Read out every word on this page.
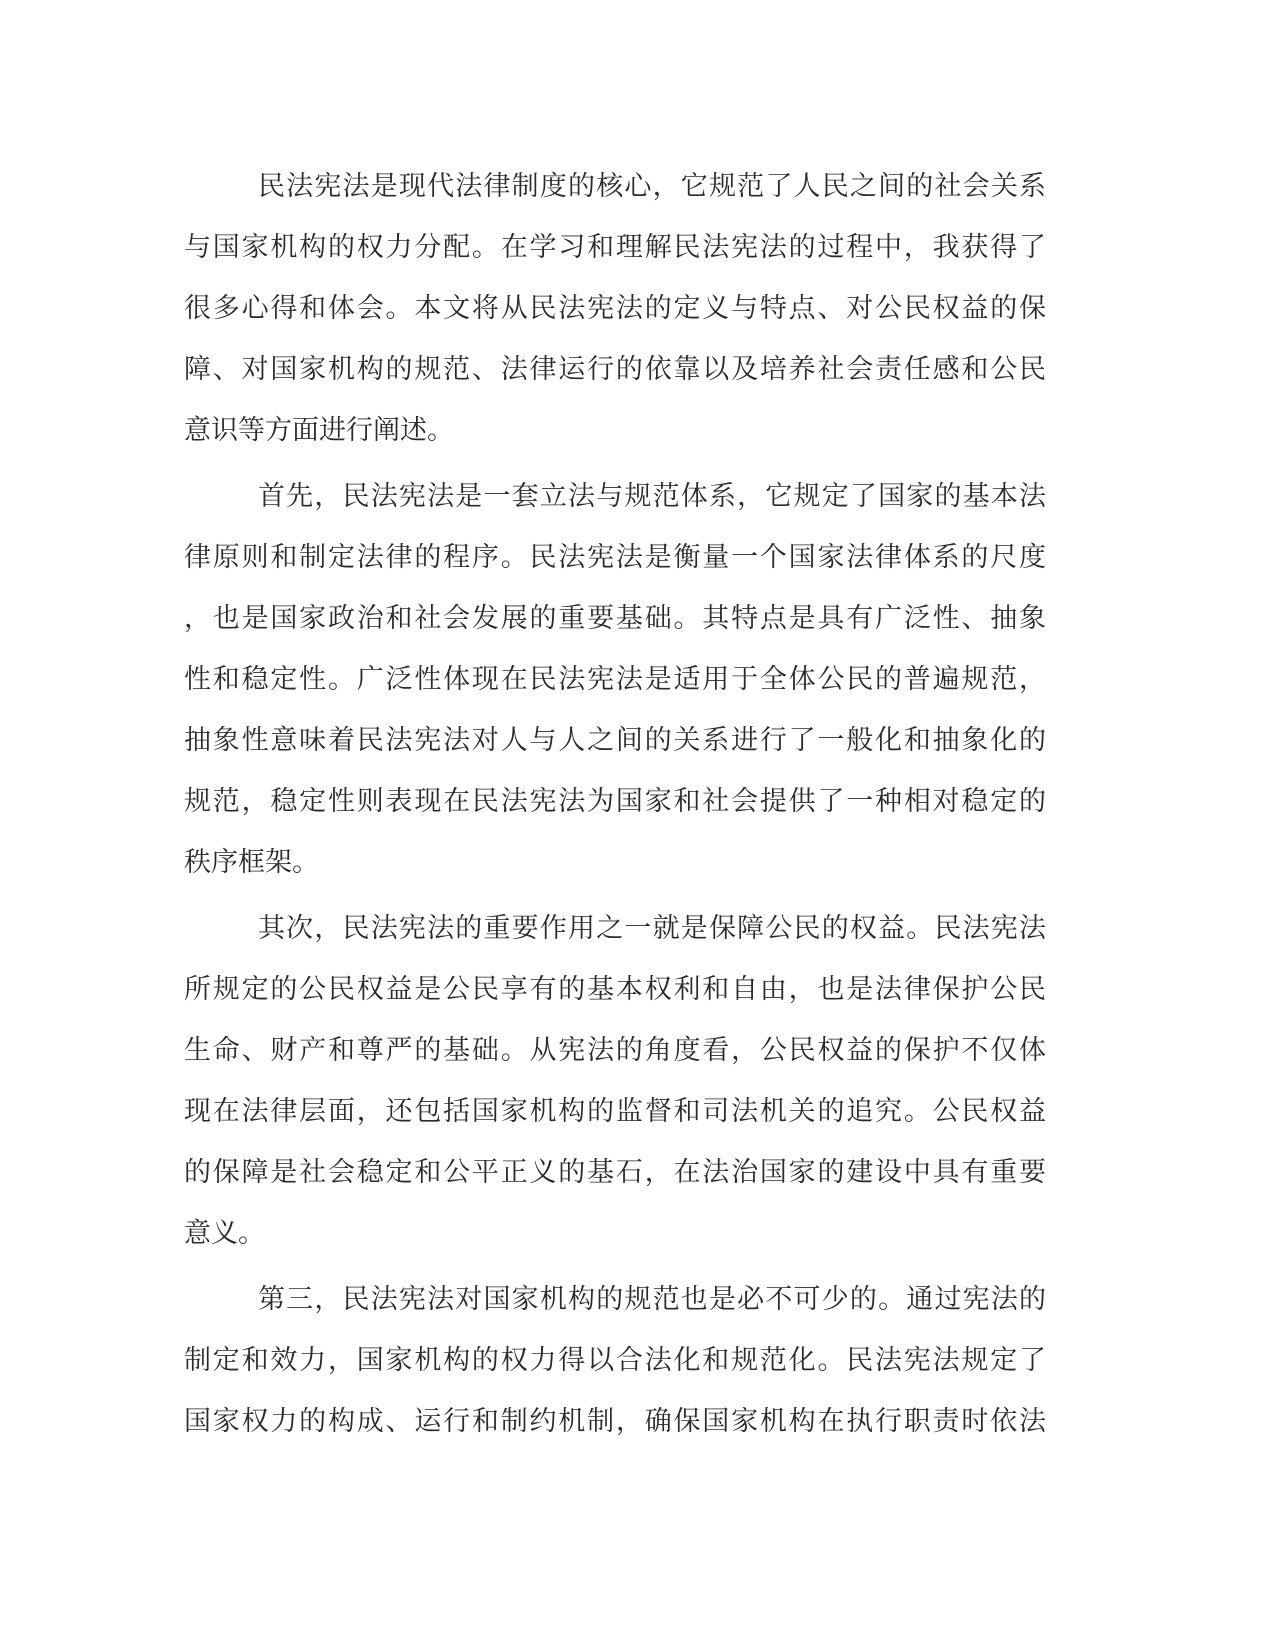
民法宪法是现代法律制度的核心，它规范了人民之间的社会关系
与国家机构的权力分配。在学习和理解民法宪法的过程中，我获得了
很多心得和体会。本文将从民法宪法的定义与特点、对公民权益的保
障、对国家机构的规范、法律运行的依靠以及培养社会责任感和公民
意识等方面进行阐述。
首先，民法宪法是一套立法与规范体系，它规定了国家的基本法
律原则和制定法律的程序。民法宪法是衡量一个国家法律体系的尺度
，也是国家政治和社会发展的重要基础。其特点是具有广泛性、抽象
性和稳定性。广泛性体现在民法宪法是适用于全体公民的普遍规范，
抽象性意味着民法宪法对人与人之间的关系进行了一般化和抽象化的
规范，稳定性则表现在民法宪法为国家和社会提供了一种相对稳定的
秩序框架。
其次，民法宪法的重要作用之一就是保障公民的权益。民法宪法
所规定的公民权益是公民享有的基本权利和自由，也是法律保护公民
生命、财产和尊严的基础。从宪法的角度看，公民权益的保护不仅体
现在法律层面，还包括国家机构的监督和司法机关的追究。公民权益
的保障是社会稳定和公平正义的基石，在法治国家的建设中具有重要
意义。
第三，民法宪法对国家机构的规范也是必不可少的。通过宪法的
制定和效力，国家机构的权力得以合法化和规范化。民法宪法规定了
国家权力的构成、运行和制约机制，确保国家机构在执行职责时依法
